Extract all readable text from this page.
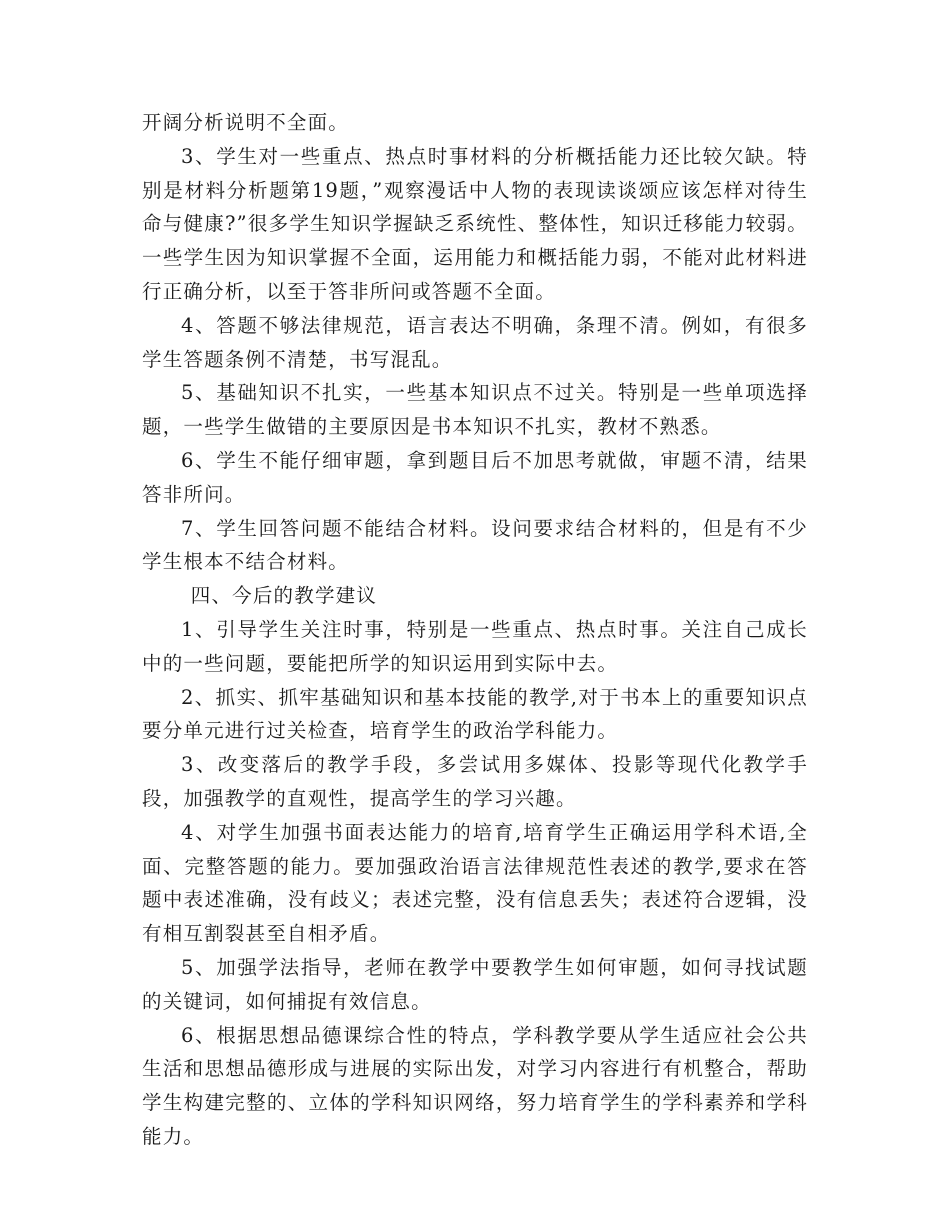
开阔分析说明不全面。

3、学生对一些重点、热点时事材料的分析概括能力还比较欠缺。特别是材料分析题第19题，”观察漫话中人物的表现读谈颂应该怎样对待生命与健康?”很多学生知识学握缺乏系统性、整体性，知识迁移能力较弱。一些学生因为知识掌握不全面，运用能力和概括能力弱，不能对此材料进行正确分析，以至于答非所问或答题不全面。

4、答题不够法律规范，语言表达不明确，条理不清。例如，有很多学生答题条例不清楚，书写混乱。

5、基础知识不扎实，一些基本知识点不过关。特别是一些单项选择题，一些学生做错的主要原因是书本知识不扎实，教材不熟悉。

6、学生不能仔细审题，拿到题目后不加思考就做，审题不清，结果答非所问。

7、学生回答问题不能结合材料。设问要求结合材料的，但是有不少学生根本不结合材料。

四、今后的教学建议

1、引导学生关注时事，特别是一些重点、热点时事。关注自己成长中的一些问题，要能把所学的知识运用到实际中去。

2、抓实、抓牢基础知识和基本技能的教学,对于书本上的重要知识点要分单元进行过关检查，培育学生的政治学科能力。

3、改变落后的教学手段，多尝试用多媒体、投影等现代化教学手段，加强教学的直观性，提高学生的学习兴趣。

4、对学生加强书面表达能力的培育,培育学生正确运用学科术语,全面、完整答题的能力。要加强政治语言法律规范性表述的教学,要求在答题中表述准确，没有歧义；表述完整，没有信息丢失；表述符合逻辑，没有相互割裂甚至自相矛盾。

5、加强学法指导，老师在教学中要教学生如何审题，如何寻找试题的关键词，如何捕捉有效信息。

6、根据思想品德课综合性的特点，学科教学要从学生适应社会公共生活和思想品德形成与进展的实际出发，对学习内容进行有机整合，帮助学生构建完整的、立体的学科知识网络，努力培育学生的学科素养和学科能力。
